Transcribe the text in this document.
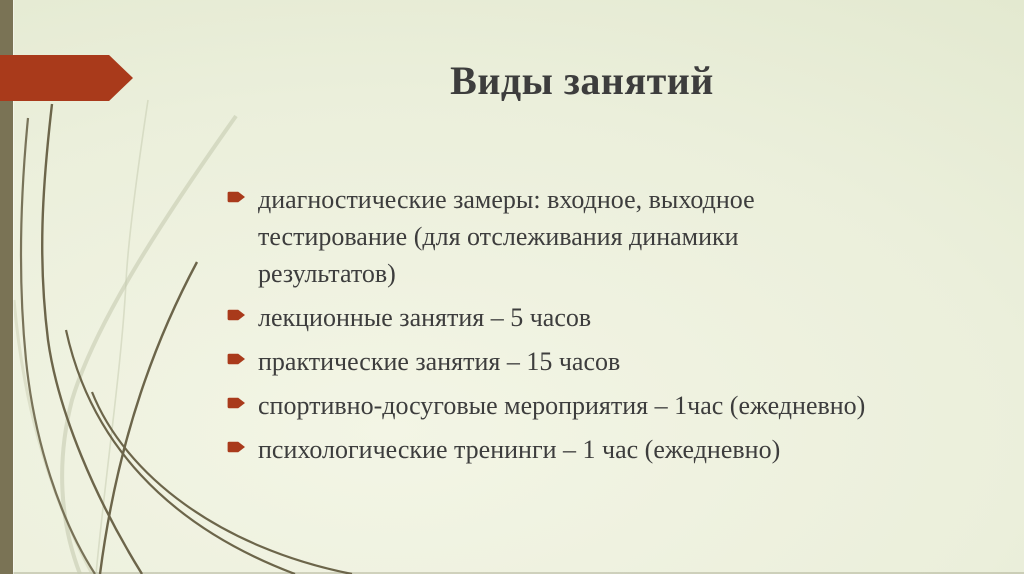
Виды занятий
диагностические замеры: входное, выходное тестирование (для отслеживания динамики результатов)
лекционные занятия – 5 часов
практические занятия – 15 часов
спортивно-досуговые мероприятия – 1час (ежедневно)
психологические тренинги – 1 час (ежедневно)
